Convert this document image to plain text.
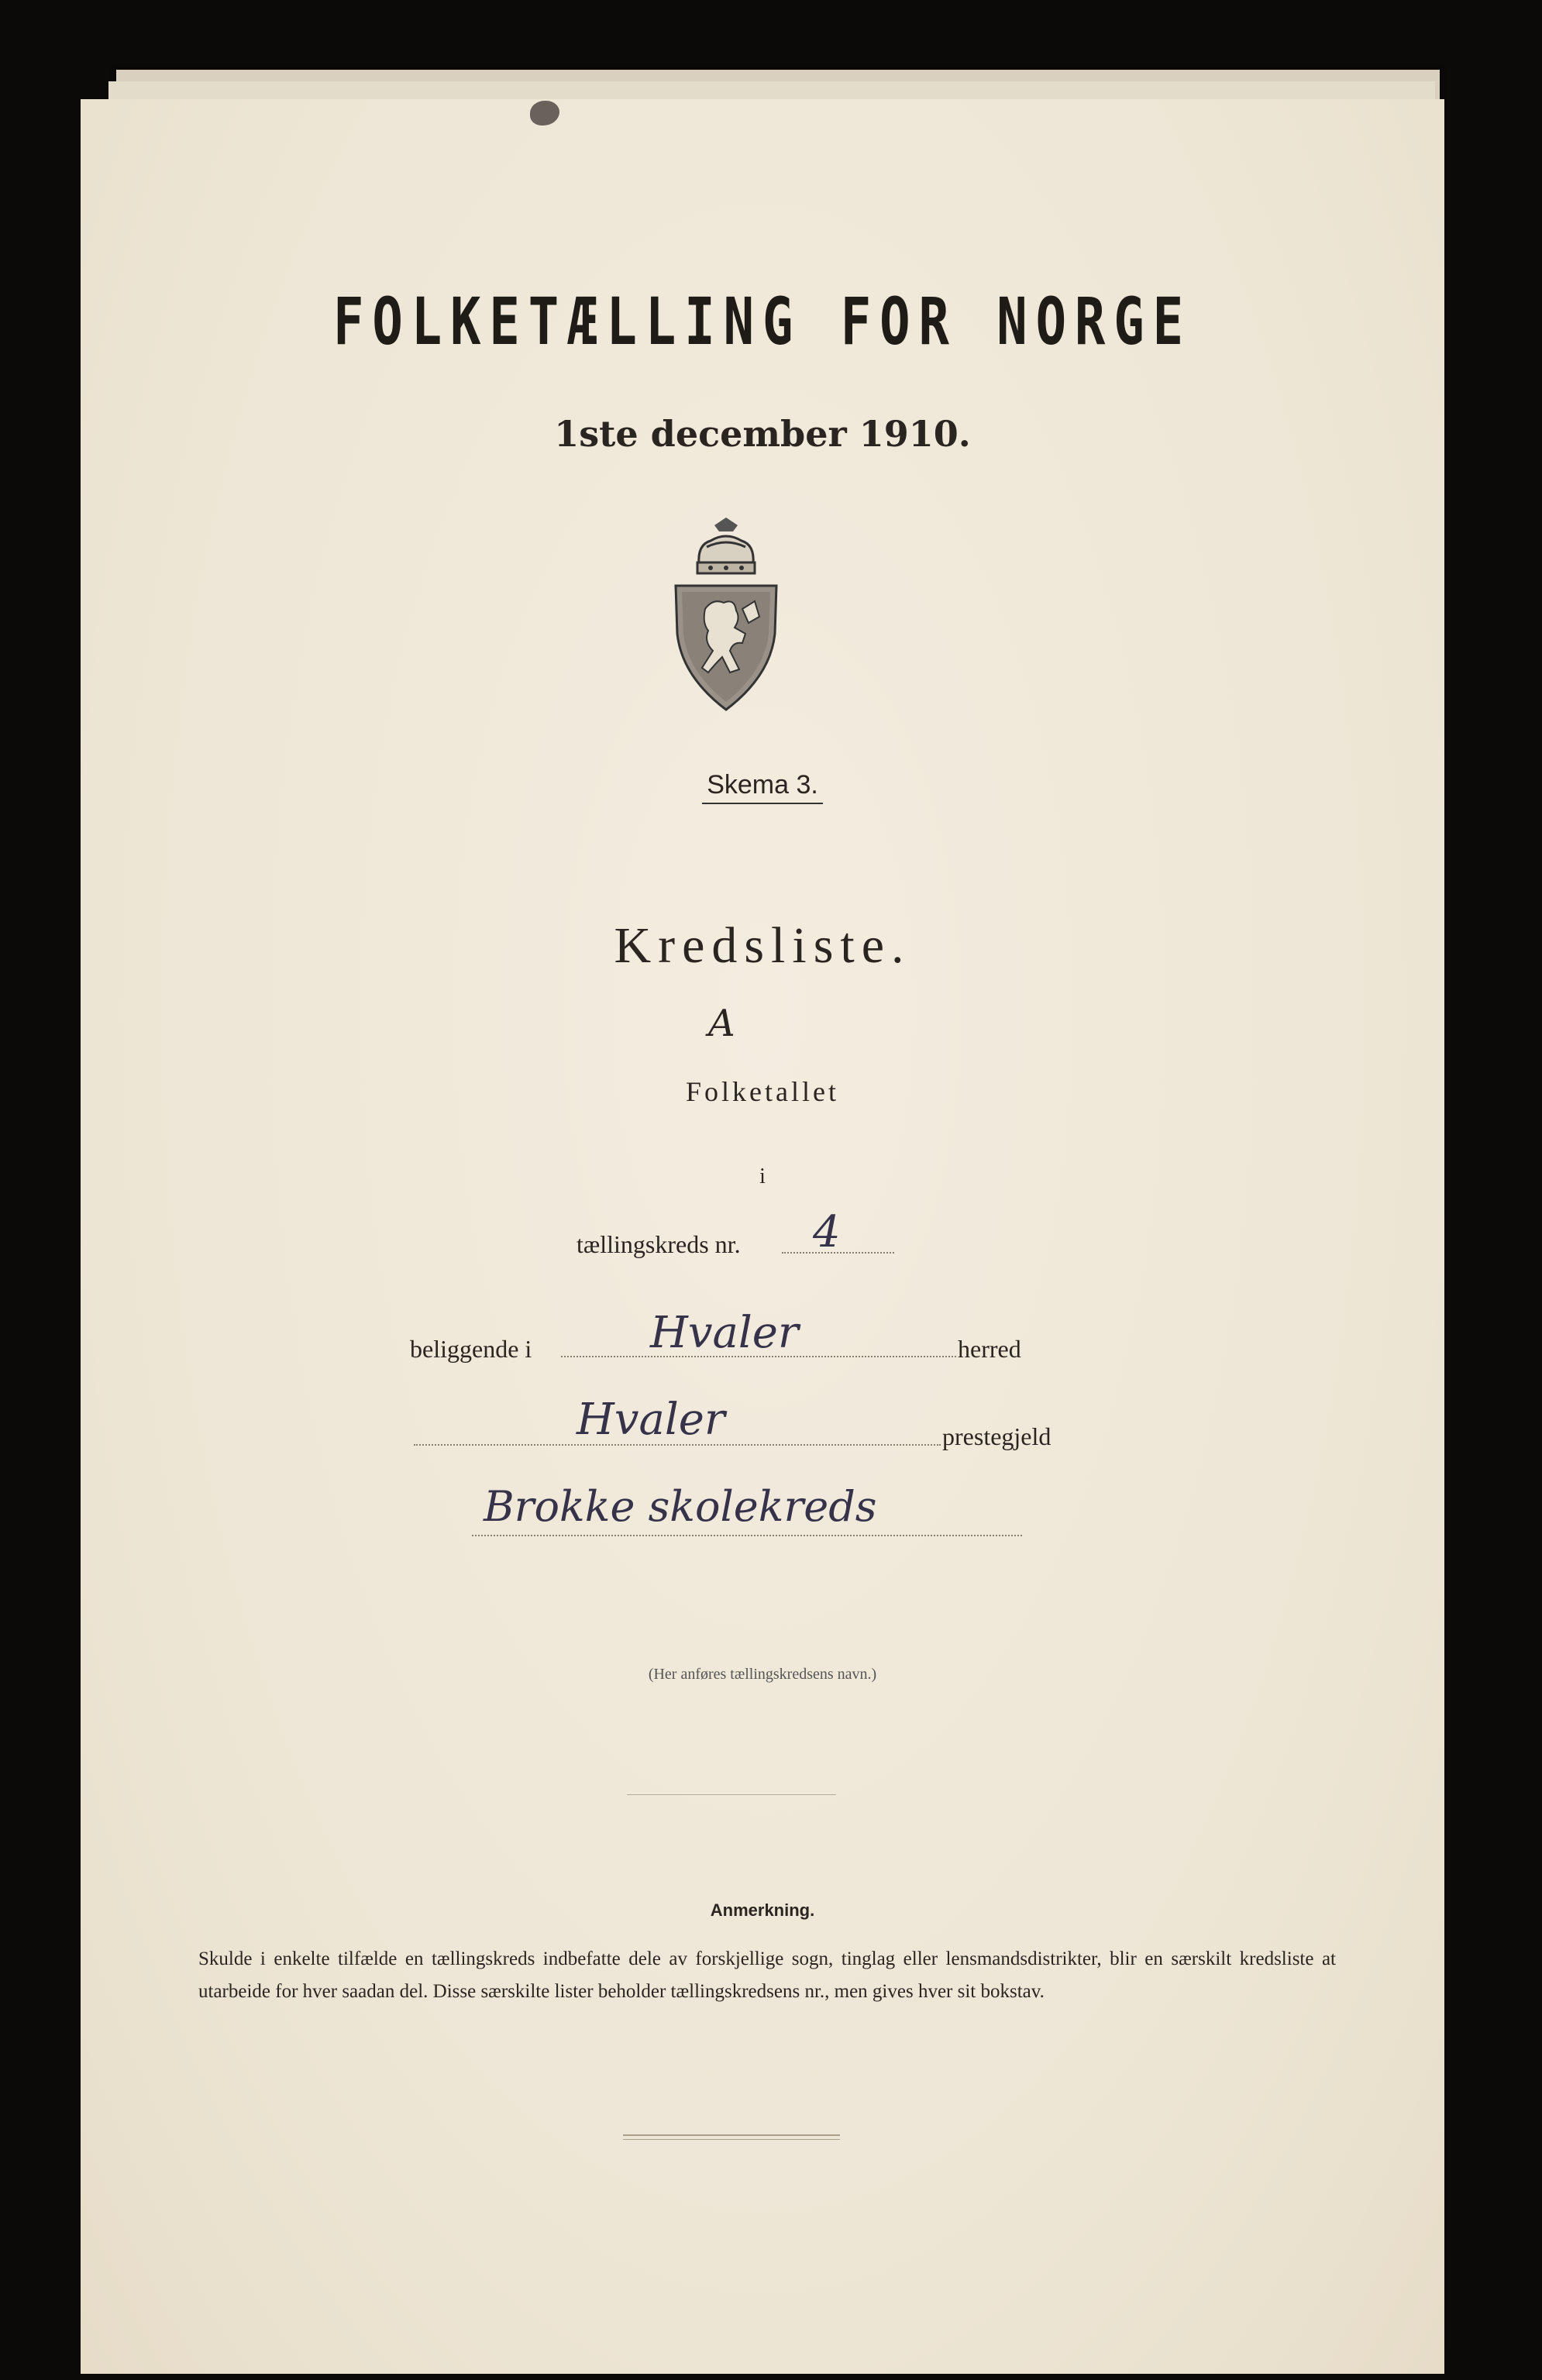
FOLKETÆLLING FOR NORGE
1ste december 1910.
Skema 3.
Kredsliste.
A
Folketallet
i
tællingskreds nr. 4
beliggende i	Hvaler	herred
Hvaler	prestegjeld
Brokke skolekreds
(Her anføres tællingskredsens navn.)
Anmerkning.
Skulde i enkelte tilfælde en tællingskreds indbefatte dele av forskjellige sogn, tinglag eller lensmandsdistrikter, blir en særskilt kredsliste at utarbeide for hver saadan del. Disse særskilte lister beholder tællingskredsens nr., men gives hver sit bokstav.
